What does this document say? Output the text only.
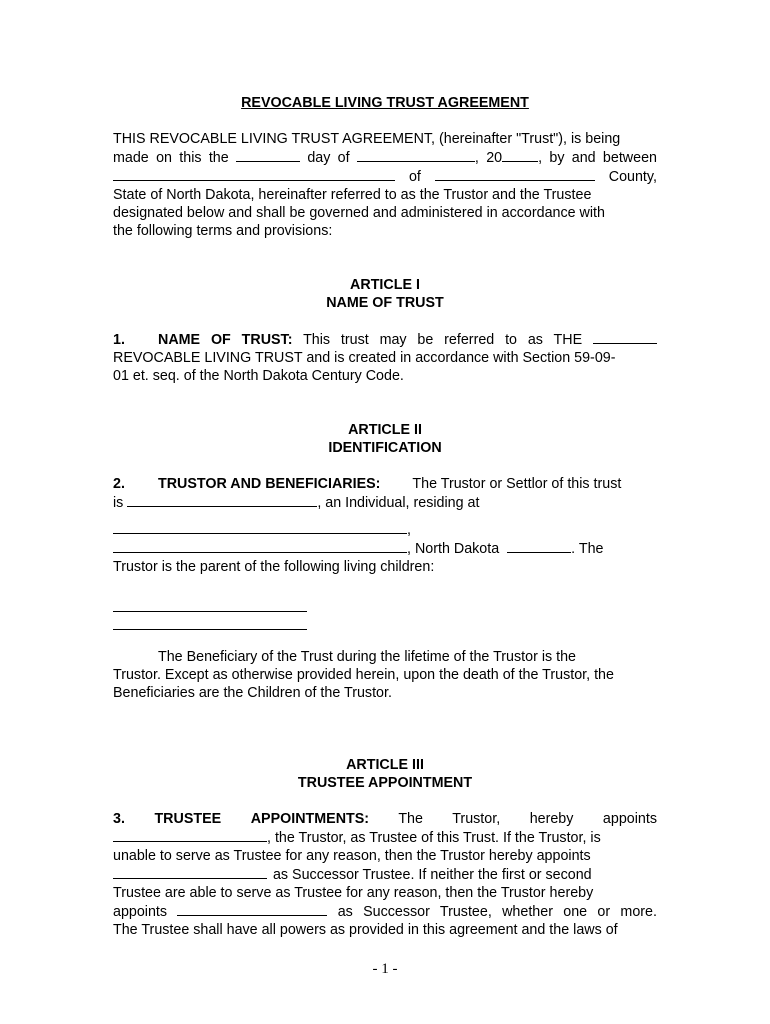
REVOCABLE LIVING TRUST AGREEMENT

THIS REVOCABLE LIVING TRUST AGREEMENT, (hereinafter "Trust"), is being

made on this the	day of	, 20	, by and between

of	County,

State of North Dakota, hereinafter referred to as the Trustor and the Trustee

designated below and shall be governed and administered in accordance with

the following terms and provisions:

ARTICLE I

NAME OF TRUST

1. NAME OF TRUST: This trust may be referred to as THE

REVOCABLE LIVING TRUST and is created in accordance with Section 59-09-

01 et. seq. of the North Dakota Century Code.

ARTICLE II

IDENTIFICATION

2. TRUSTOR AND BENEFICIARIES: The Trustor or Settlor of this trust

is	, an Individual, residing at

,

, North Dakota	. The

Trustor is the parent of the following living children:

The Beneficiary of the Trust during the lifetime of the Trustor is the

Trustor. Except as otherwise provided herein, upon the death of the Trustor, the

Beneficiaries are the Children of the Trustor.

ARTICLE III

TRUSTEE APPOINTMENT

3. TRUSTEE APPOINTMENTS: The Trustor, hereby appoints

, the Trustor, as Trustee of this Trust. If the Trustor, is

unable to serve as Trustee for any reason, then the Trustor hereby appoints

as Successor Trustee. If neither the first or second

Trustee are able to serve as Trustee for any reason, then the Trustor hereby

appoints	as Successor Trustee, whether one or more.

The Trustee shall have all powers as provided in this agreement and the laws of

- 1 -
